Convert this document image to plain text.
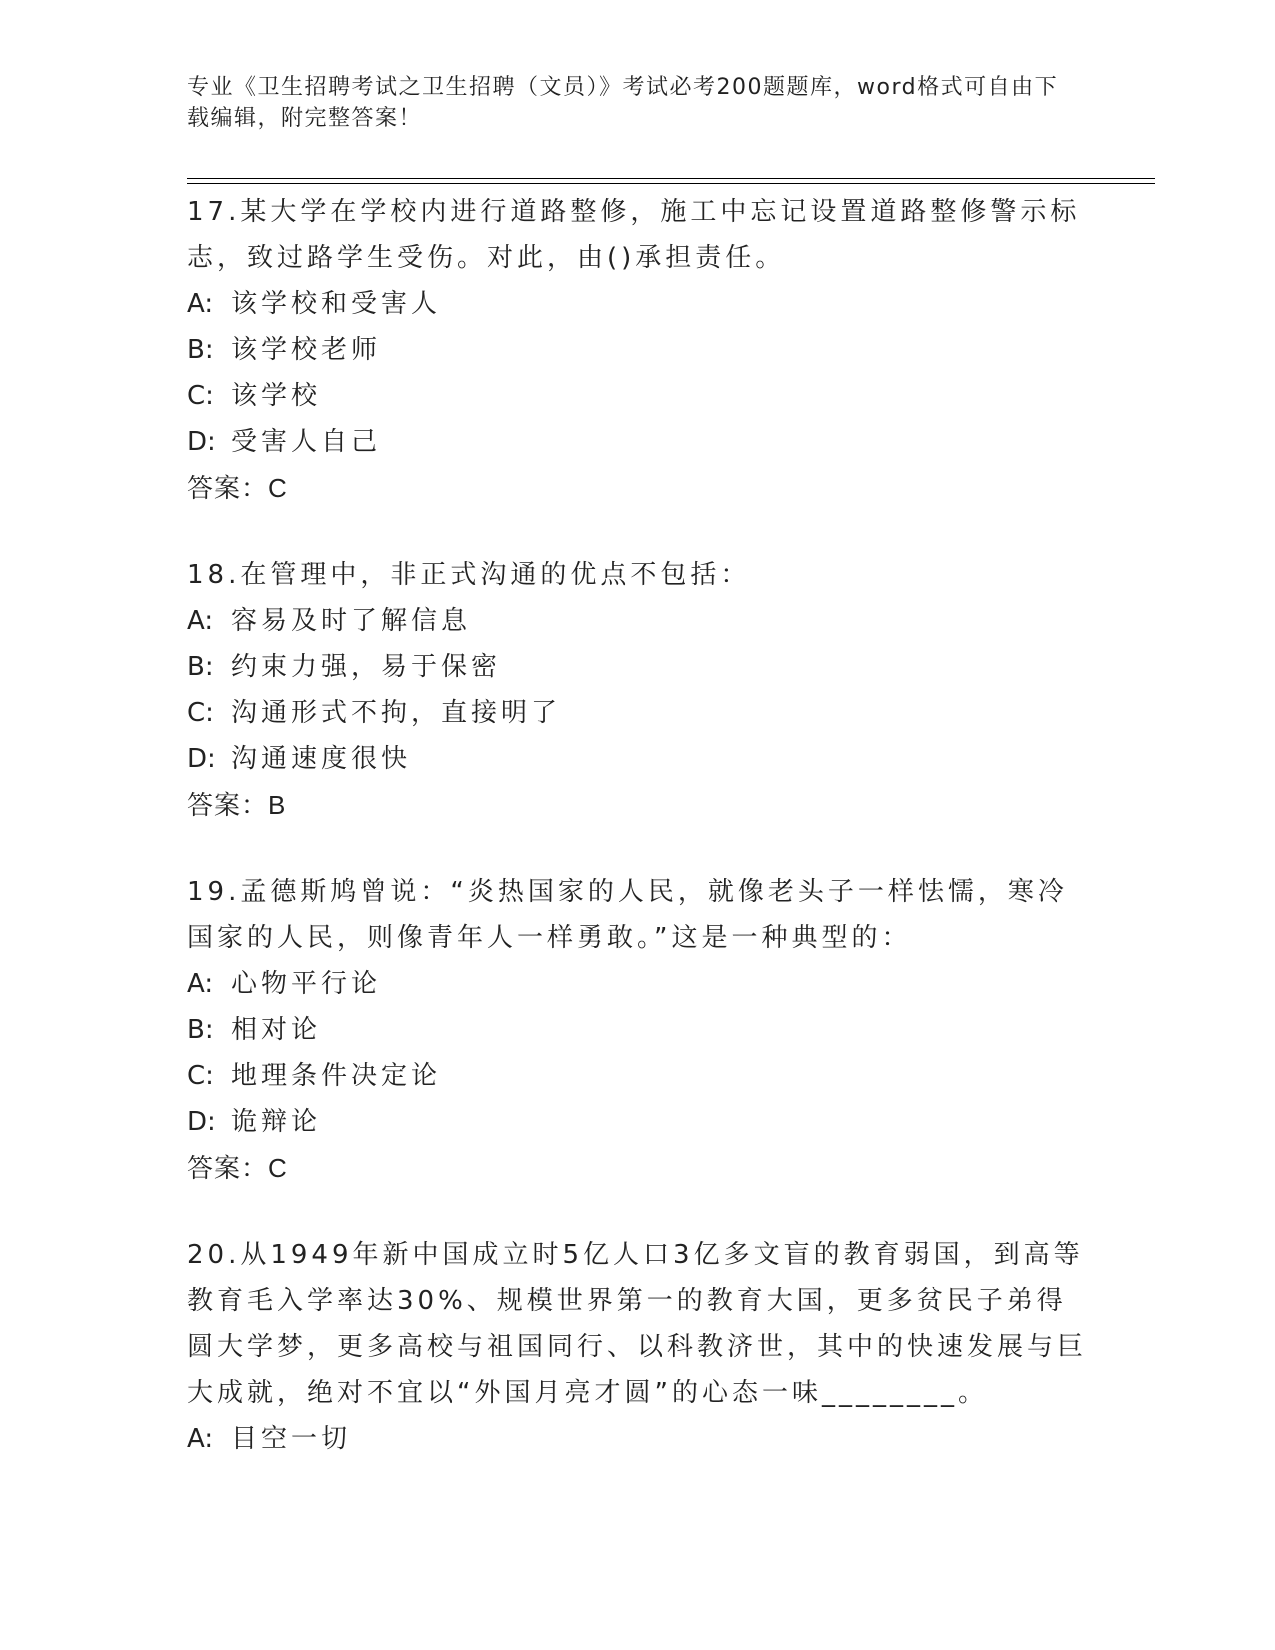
专业《卫生招聘考试之卫生招聘（文员）》考试必考200题题库，word格式可自由下载编辑，附完整答案！

17.某大学在学校内进行道路整修，施工中忘记设置道路整修警示标志，致过路学生受伤。对此，由()承担责任。

A: 该学校和受害人
B: 该学校老师
C: 该学校
D: 受害人自己
答案：C

18.在管理中，非正式沟通的优点不包括：

A: 容易及时了解信息
B: 约束力强，易于保密
C: 沟通形式不拘，直接明了
D: 沟通速度很快
答案：B

19.孟德斯鸠曾说：“炎热国家的人民，就像老头子一样怯懦，寒冷国家的人民，则像青年人一样勇敢。”这是一种典型的：

A: 心物平行论
B: 相对论
C: 地理条件决定论
D: 诡辩论
答案：C

20.从1949年新中国成立时5亿人口3亿多文盲的教育弱国，到高等教育毛入学率达30%、规模世界第一的教育大国，更多贫民子弟得圆大学梦，更多高校与祖国同行、以科教济世，其中的快速发展与巨大成就，绝对不宜以“外国月亮才圆”的心态一味________。

A: 目空一切
